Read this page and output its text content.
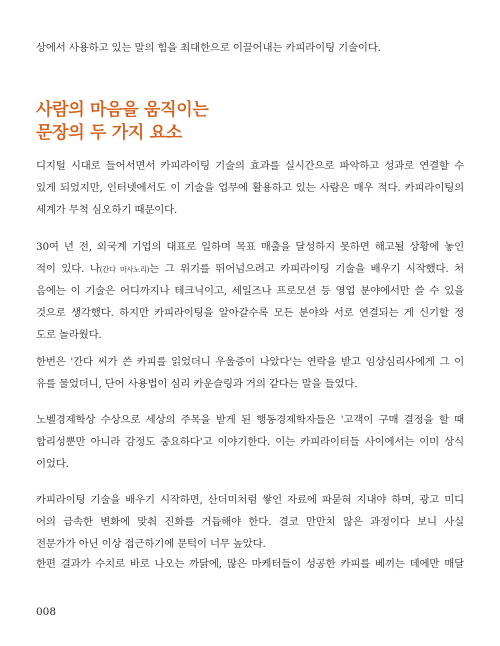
상에서 사용하고 있는 말의 힘을 최대한으로 이끌어내는 카피라이팅 기술이다.
사람의 마음을 움직이는
문장의 두 가지 요소
디지털 시대로 들어서면서 카피라이팅 기술의 효과를 실시간으로 파악하고 성과로 연결할 수
있게 되었지만, 인터넷에서도 이 기술을 업무에 활용하고 있는 사람은 매우 적다. 카피라이팅의
세계가 무척 심오하기 때문이다.
30여 년 전, 외국계 기업의 대표로 일하며 목표 매출을 달성하지 못하면 해고될 상황에 놓인
적이 있다. 나(간다 마사노리)는 그 위기를 뛰어넘으려고 카피라이팅 기술을 배우기 시작했다. 처
음에는 이 기술은 어디까지나 테크닉이고, 세일즈나 프로모션 등 영업 분야에서만 쓸 수 있을
것으로 생각했다. 하지만 카피라이팅을 알아갈수록 모든 분야와 서로 연결되는 게 신기할 정
도로 놀라웠다.
한번은 '간다 씨가 쓴 카피를 읽었더니 우울증이 나았다'는 연락을 받고 임상심리사에게 그 이
유를 물었더니, 단어 사용법이 심리 카운슬링과 거의 같다는 말을 들었다.
노벨경제학상 수상으로 세상의 주목을 받게 된 행동경제학자들은 '고객이 구매 결정을 할 때
합리성뿐만 아니라 감정도 중요하다'고 이야기한다. 이는 카피라이터들 사이에서는 이미 상식
이었다.
카피라이팅 기술을 배우기 시작하면, 산더미처럼 쌓인 자료에 파묻혀 지내야 하며, 광고 미디
어의 급속한 변화에 맞춰 진화를 거듭해야 한다. 결코 만만치 않은 과정이다 보니 사실
전문가가 아닌 이상 접근하기에 문턱이 너무 높았다.
한편 결과가 수치로 바로 나오는 까닭에, 많은 마케터들이 성공한 카피를 베끼는 데에만 매달
008
